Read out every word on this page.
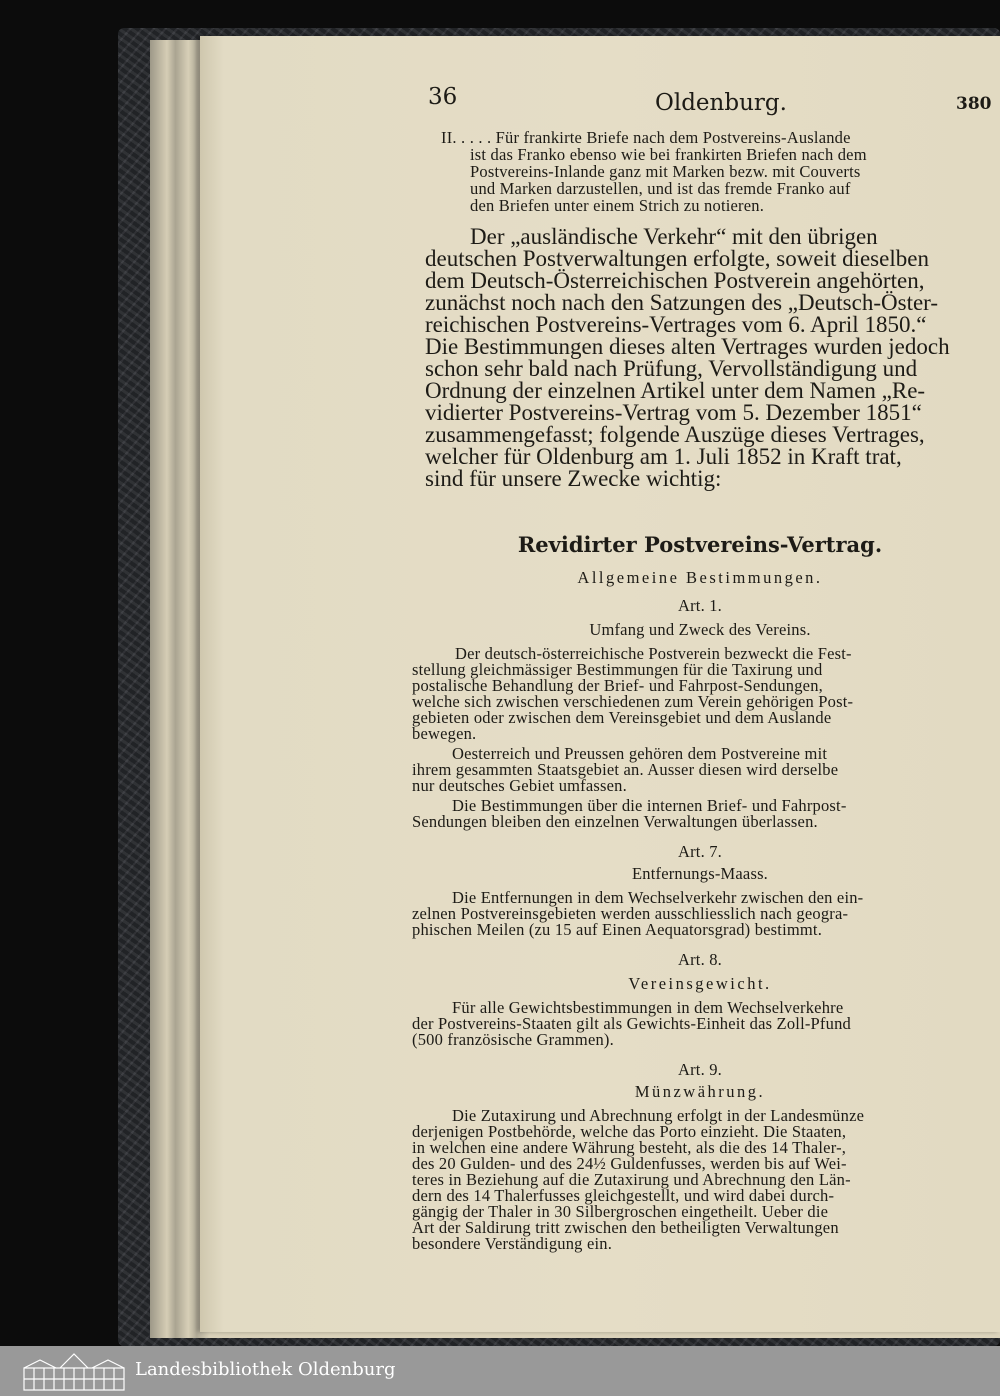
36	Oldenburg.	380
II. . . . . Für frankirte Briefe nach dem Postvereins-Auslande
ist das Franko ebenso wie bei frankirten Briefen nach dem
Postvereins-Inlande ganz mit Marken bezw. mit Couverts
und Marken darzustellen, und ist das fremde Franko auf
den Briefen unter einem Strich zu notieren.
Der „ausländische Verkehr“ mit den übrigen
deutschen Postverwaltungen erfolgte, soweit dieselben
dem Deutsch-Österreichischen Postverein angehörten,
zunächst noch nach den Satzungen des „Deutsch-Öster-
reichischen Postvereins-Vertrages vom 6. April 1850.“
Die Bestimmungen dieses alten Vertrages wurden jedoch
schon sehr bald nach Prüfung, Vervollständigung und
Ordnung der einzelnen Artikel unter dem Namen „Re-
vidierter Postvereins-Vertrag vom 5. Dezember 1851“
zusammengefasst; folgende Auszüge dieses Vertrages,
welcher für Oldenburg am 1. Juli 1852 in Kraft trat,
sind für unsere Zwecke wichtig:
Revidirter Postvereins-Vertrag.
Allgemeine Bestimmungen.
Art. 1.
Umfang und Zweck des Vereins.
Der deutsch-österreichische Postverein bezweckt die Fest-
stellung gleichmässiger Bestimmungen für die Taxirung und
postalische Behandlung der Brief- und Fahrpost-Sendungen,
welche sich zwischen verschiedenen zum Verein gehörigen Post-
gebieten oder zwischen dem Vereinsgebiet und dem Auslande
bewegen.
Oesterreich und Preussen gehören dem Postvereine mit
ihrem gesammten Staatsgebiet an. Ausser diesen wird derselbe
nur deutsches Gebiet umfassen.
Die Bestimmungen über die internen Brief- und Fahrpost-
Sendungen bleiben den einzelnen Verwaltungen überlassen.
Art. 7.
Entfernungs-Maass.
Die Entfernungen in dem Wechselverkehr zwischen den ein-
zelnen Postvereinsgebieten werden ausschliesslich nach geogra-
phischen Meilen (zu 15 auf Einen Aequatorsgrad) bestimmt.
Art. 8.
Vereinsgewicht.
Für alle Gewichtsbestimmungen in dem Wechselverkehre
der Postvereins-Staaten gilt als Gewichts-Einheit das Zoll-Pfund
(500 französische Grammen).
Art. 9.
Münzwährung.
Die Zutaxirung und Abrechnung erfolgt in der Landesmünze
derjenigen Postbehörde, welche das Porto einzieht. Die Staaten,
in welchen eine andere Währung besteht, als die des 14 Thaler-,
des 20 Gulden- und des 24½ Guldenfusses, werden bis auf Wei-
teres in Beziehung auf die Zutaxirung und Abrechnung den Län-
dern des 14 Thalerfusses gleichgestellt, und wird dabei durch-
gängig der Thaler in 30 Silbergroschen eingetheilt. Ueber die
Art der Saldirung tritt zwischen den betheiligten Verwaltungen
besondere Verständigung ein.
Landesbibliothek Oldenburg
